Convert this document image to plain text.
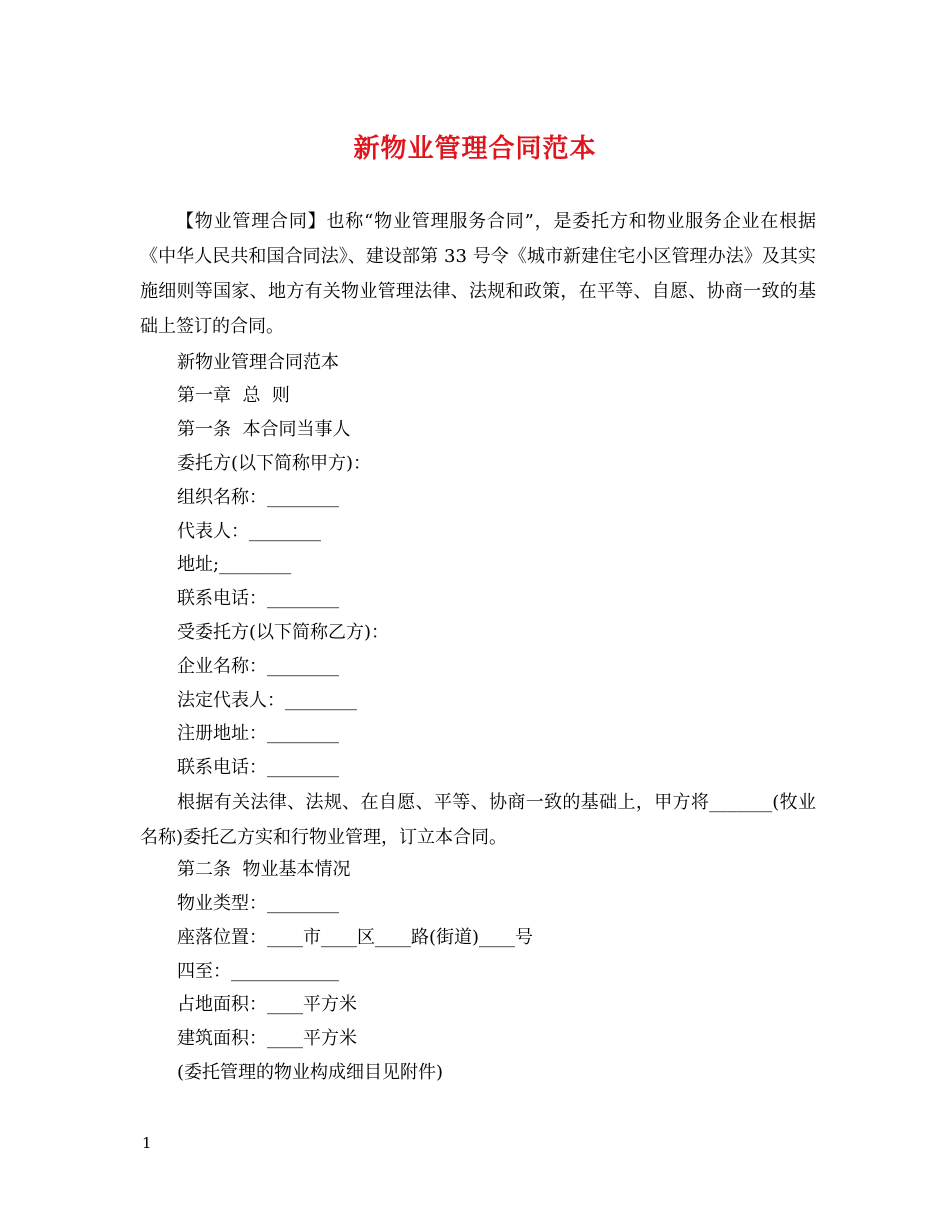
新物业管理合同范本

【物业管理合同】也称“物业管理服务合同”，是委托方和物业服务企业在根据《中华人民共和国合同法》、建设部第 33 号令《城市新建住宅小区管理办法》及其实施细则等国家、地方有关物业管理法律、法规和政策，在平等、自愿、协商一致的基础上签订的合同。

新物业管理合同范本

第一章  总  则

第一条  本合同当事人

委托方(以下简称甲方)：

组织名称：________

代表人：________

地址;________

联系电话：________

受委托方(以下简称乙方)：

企业名称：________

法定代表人：________

注册地址：________

联系电话：________

根据有关法律、法规、在自愿、平等、协商一致的基础上，甲方将_______(牧业名称)委托乙方实和行物业管理，订立本合同。

第二条  物业基本情况

物业类型：________

座落位置：____市____区____路(街道)____号

四至：____________

占地面积：____平方米

建筑面积：____平方米

(委托管理的物业构成细目见附件)

1
